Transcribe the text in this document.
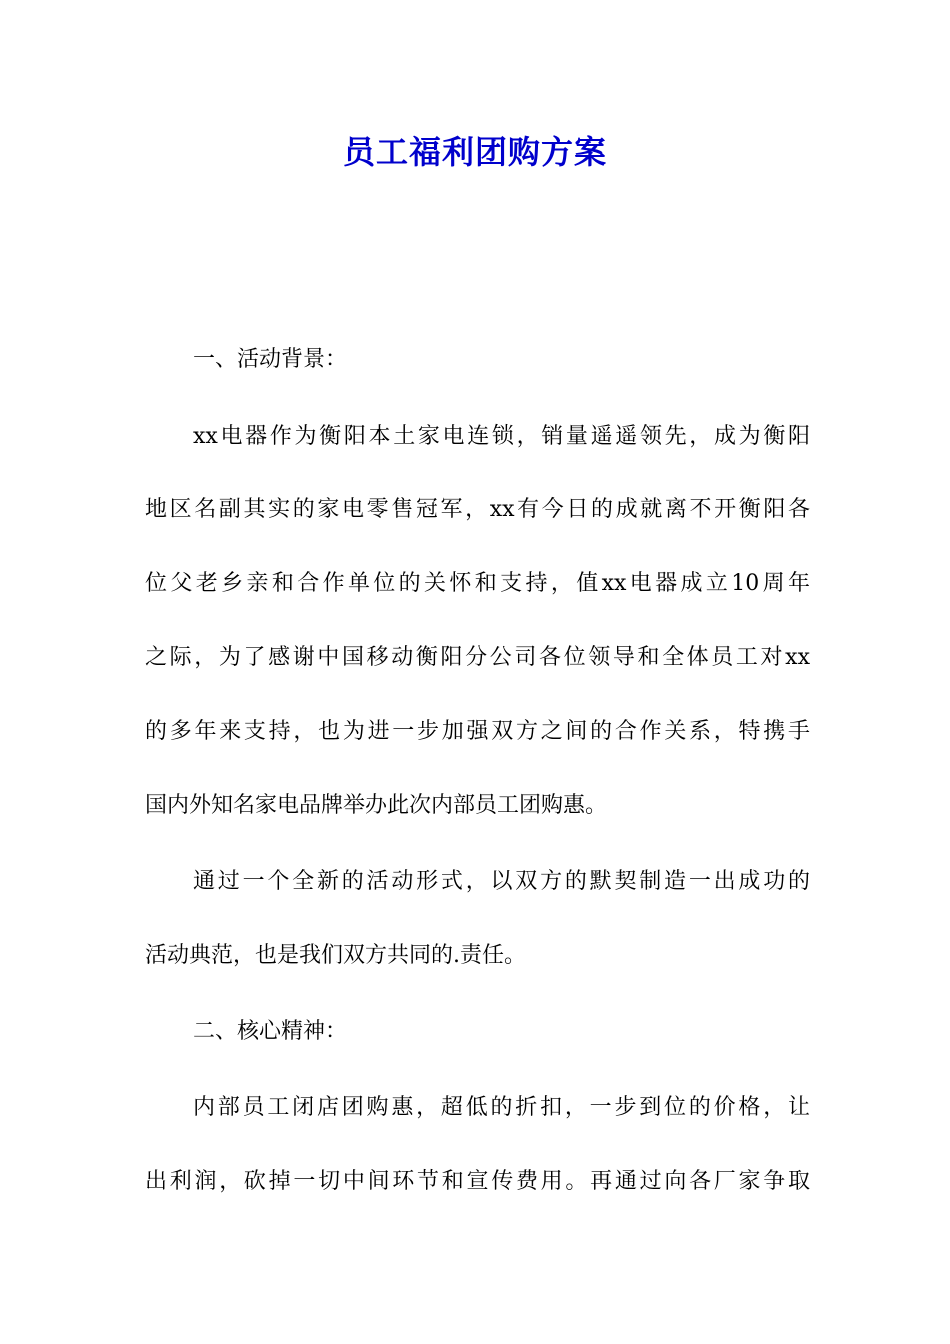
员工福利团购方案
一、活动背景：
xx电器作为衡阳本土家电连锁，销量遥遥领先，成为衡阳
地区名副其实的家电零售冠军，xx有今日的成就离不开衡阳各
位父老乡亲和合作单位的关怀和支持，值xx电器成立10周年
之际，为了感谢中国移动衡阳分公司各位领导和全体员工对xx
的多年来支持，也为进一步加强双方之间的合作关系，特携手
国内外知名家电品牌举办此次内部员工团购惠。
通过一个全新的活动形式，以双方的默契制造一出成功的
活动典范，也是我们双方共同的.责任。
二、核心精神：
内部员工闭店团购惠，超低的折扣，一步到位的价格，让
出利润，砍掉一切中间环节和宣传费用。再通过向各厂家争取
